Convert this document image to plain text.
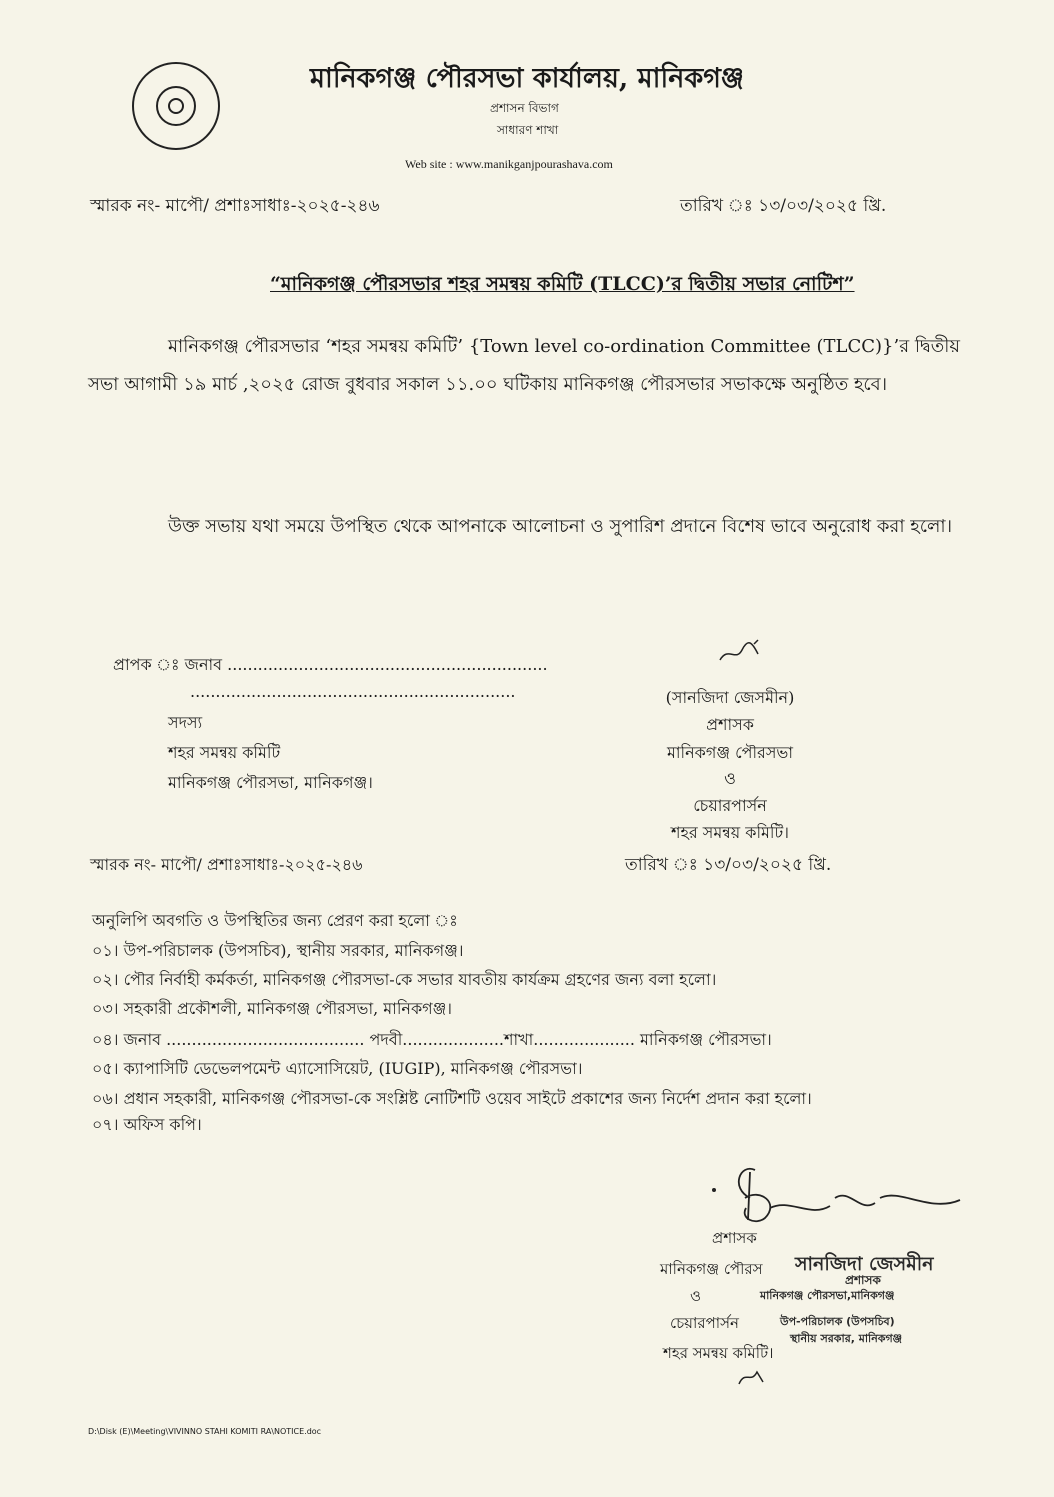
মানিকগঞ্জ পৌরসভা কার্যালয়, মানিকগঞ্জ
প্রশাসন বিভাগ
সাধারণ শাখা
Web site : www.manikganjpourashava.com
স্মারক নং- মাপৌ/ প্রশাঃসাধাঃ-২০২৫-২৪৬	তারিখ ঃ ১৩/০৩/২০২৫ খ্রি.
“মানিকগঞ্জ পৌরসভার শহর সমন্বয় কমিটি (TLCC)’র দ্বিতীয় সভার নোটিশ”
মানিকগঞ্জ পৌরসভার ‘শহর সমন্বয় কমিটি’ {Town level co-ordination Committee (TLCC)}’র দ্বিতীয় সভা আগামী ১৯ মার্চ ,২০২৫ রোজ বুধবার সকাল ১১.০০ ঘটিকায় মানিকগঞ্জ পৌরসভার সভাকক্ষে অনুষ্ঠিত হবে।
উক্ত সভায় যথা সময়ে উপস্থিত থেকে আপনাকে আলোচনা ও সুপারিশ প্রদানে বিশেষ ভাবে অনুরোধ করা হলো।
প্রাপক ঃ জনাব ...............................................................
................................................................
সদস্য
শহর সমন্বয় কমিটি
মানিকগঞ্জ পৌরসভা, মানিকগঞ্জ।
(সানজিদা জেসমীন)
প্রশাসক
মানিকগঞ্জ পৌরসভা
ও
চেয়ারপার্সন
শহর সমন্বয় কমিটি।
স্মারক নং- মাপৌ/ প্রশাঃসাধাঃ-২০২৫-২৪৬	তারিখ ঃ ১৩/০৩/২০২৫ খ্রি.
অনুলিপি অবগতি ও উপস্থিতির জন্য প্রেরণ করা হলো ঃ
০১। উপ-পরিচালক (উপসচিব), স্থানীয় সরকার, মানিকগঞ্জ।
০২। পৌর নির্বাহী কর্মকর্তা, মানিকগঞ্জ পৌরসভা-কে সভার যাবতীয় কার্যক্রম গ্রহণের জন্য বলা হলো।
০৩। সহকারী প্রকৌশলী, মানিকগঞ্জ পৌরসভা, মানিকগঞ্জ।
০৪। জনাব ....................................... পদবী....................শাখা.................... মানিকগঞ্জ পৌরসভা।
০৫। ক্যাপাসিটি ডেভেলপমেন্ট এ্যাসোসিয়েট, (IUGIP), মানিকগঞ্জ পৌরসভা।
০৬। প্রধান সহকারী, মানিকগঞ্জ পৌরসভা-কে সংশ্লিষ্ট নোটিশটি ওয়েব সাইটে প্রকাশের জন্য নির্দেশ প্রদান করা হলো।
০৭। অফিস কপি।
প্রশাসক
মানিকগঞ্জ পৌরস
ও
চেয়ারপার্সন
শহর সমন্বয় কমিটি।
সানজিদা জেসমীন
প্রশাসক
মানিকগঞ্জ পৌরসভা,মানিকগঞ্জ
উপ-পরিচালক (উপসচিব)
স্থানীয় সরকার, মানিকগঞ্জ
D:\Disk (E)\Meeting\VIVINNO STAHI KOMITI RA\NOTICE.doc
